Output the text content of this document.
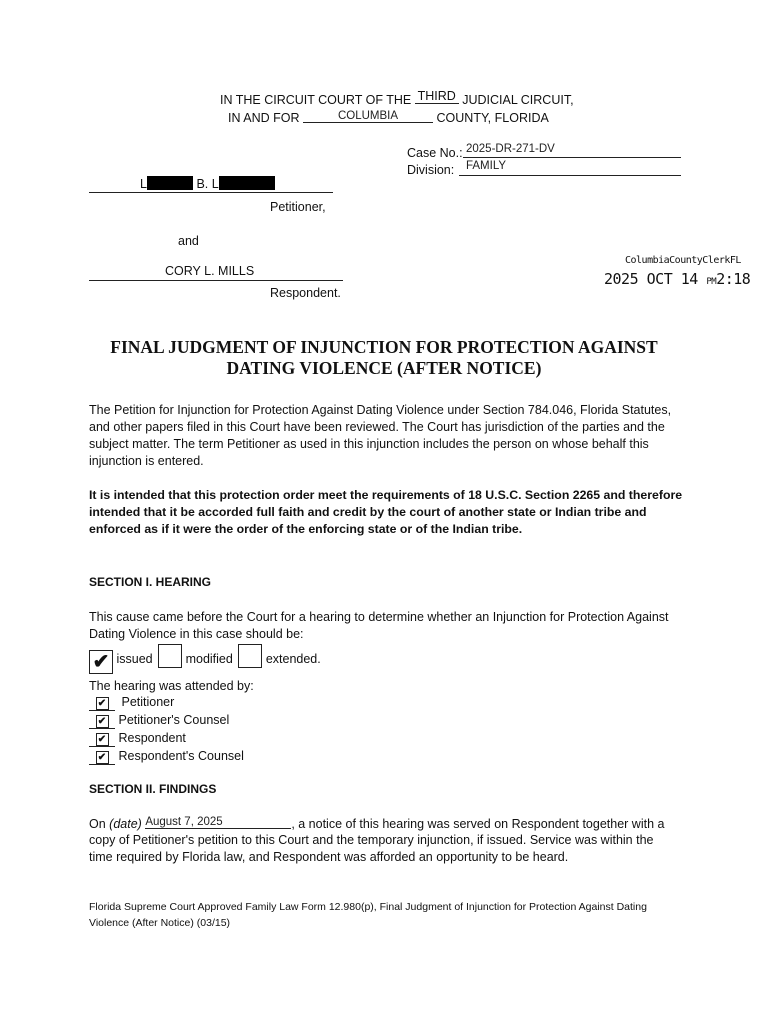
IN THE CIRCUIT COURT OF THE THIRD JUDICIAL CIRCUIT,
IN AND FOR	COLUMBIA	COUNTY, FLORIDA
Case No.: 2025-DR-271-DV
Division: FAMILY
L	B. L
Petitioner,
and
CORY L. MILLS
Respondent.
ColumbiaCountyClerkFL
2025 OCT 14 PM2:18
FINAL JUDGMENT OF INJUNCTION FOR PROTECTION AGAINST
DATING VIOLENCE (AFTER NOTICE)
The Petition for Injunction for Protection Against Dating Violence under Section 784.046, Florida Statutes, and other papers filed in this Court have been reviewed. The Court has jurisdiction of the parties and the subject matter. The term Petitioner as used in this injunction includes the person on whose behalf this injunction is entered.
It is intended that this protection order meet the requirements of 18 U.S.C. Section 2265 and therefore intended that it be accorded full faith and credit by the court of another state or Indian tribe and enforced as if it were the order of the enforcing state or of the Indian tribe.
SECTION I. HEARING
This cause came before the Court for a hearing to determine whether an Injunction for Protection Against Dating Violence in this case should be:
✔ issued	modified	extended.
The hearing was attended by:
✔ Petitioner
✔ Petitioner's Counsel
✔ Respondent
✔ Respondent's Counsel
SECTION II. FINDINGS
On (date) August 7, 2025	, a notice of this hearing was served on Respondent together with a
copy of Petitioner's petition to this Court and the temporary injunction, if issued. Service was within the time required by Florida law, and Respondent was afforded an opportunity to be heard.
Florida Supreme Court Approved Family Law Form 12.980(p), Final Judgment of Injunction for Protection Against Dating Violence (After Notice) (03/15)
